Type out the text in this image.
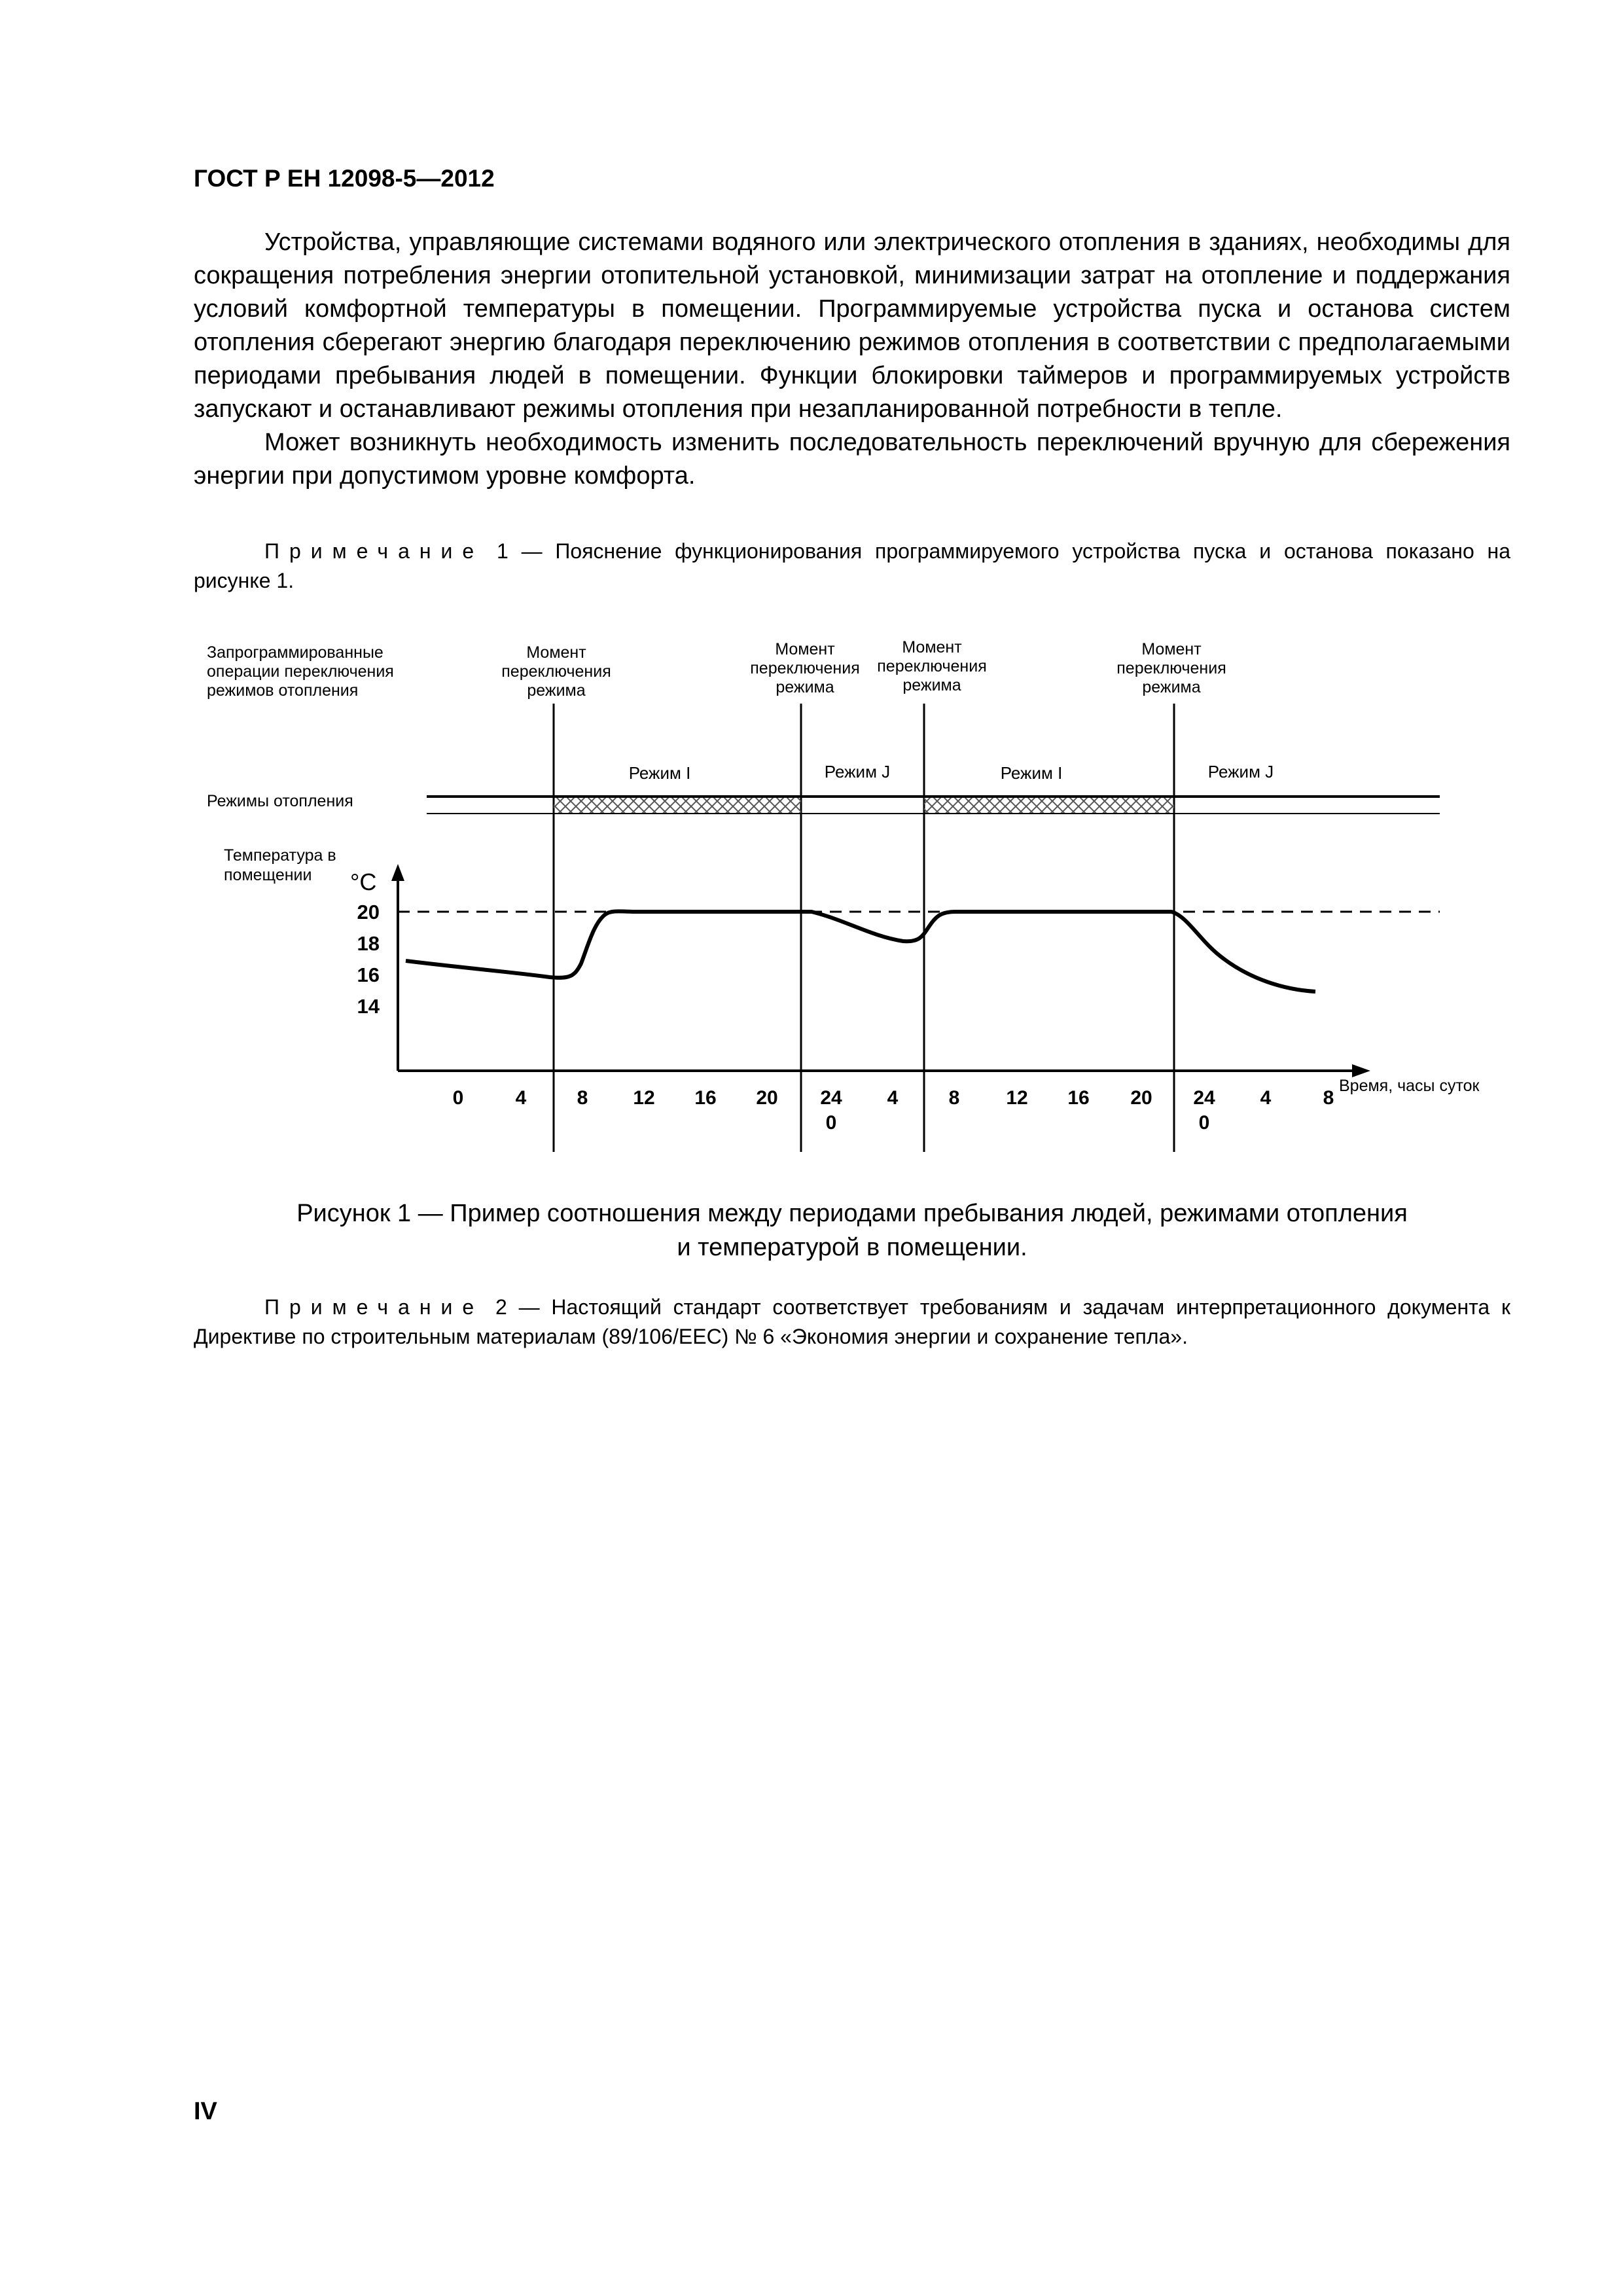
ГОСТ Р ЕН 12098-5—2012

Устройства, управляющие системами водяного или электрического отопления в зданиях, необходимы для сокращения потребления энергии отопительной установкой, минимизации затрат на отопление и поддержания условий комфортной температуры в помещении. Программируемые устройства пуска и останова систем отопления сберегают энергию благодаря переключению режимов отопления в соответствии с предполагаемыми периодами пребывания людей в помещении. Функции блокировки таймеров и программируемых устройств запускают и останавливают режимы отопления при незапланированной потребности в тепле.

Может возникнуть необходимость изменить последовательность переключений вручную для сбережения энергии при допустимом уровне комфорта.

Примечание 1 — Пояснение функционирования программируемого устройства пуска и останова показано на рисунке 1.
Запрограммированные
операции переключения
режимов отопления
Момент
переключения
режима
Момент
переключения
режима
Момент
переключения
режима
Момент
переключения
режима
Режим I	Режим J	Режим I	Режим J
Режимы отопления
Температура в
помещении °С
20
18
16
14
0	4	8 12 16 20 24 4	8 12 16 20 24 4	8
0	0
Время, часы суток
Рисунок 1 — Пример соотношения между периодами пребывания людей, режимами отопления
и температурой в помещении.
Примечание 2 — Настоящий стандарт соответствует требованиям и задачам интерпретационного документа к Директиве по строительным материалам (89/106/EEC) № 6 «Экономия энергии и сохранение тепла».
IV
